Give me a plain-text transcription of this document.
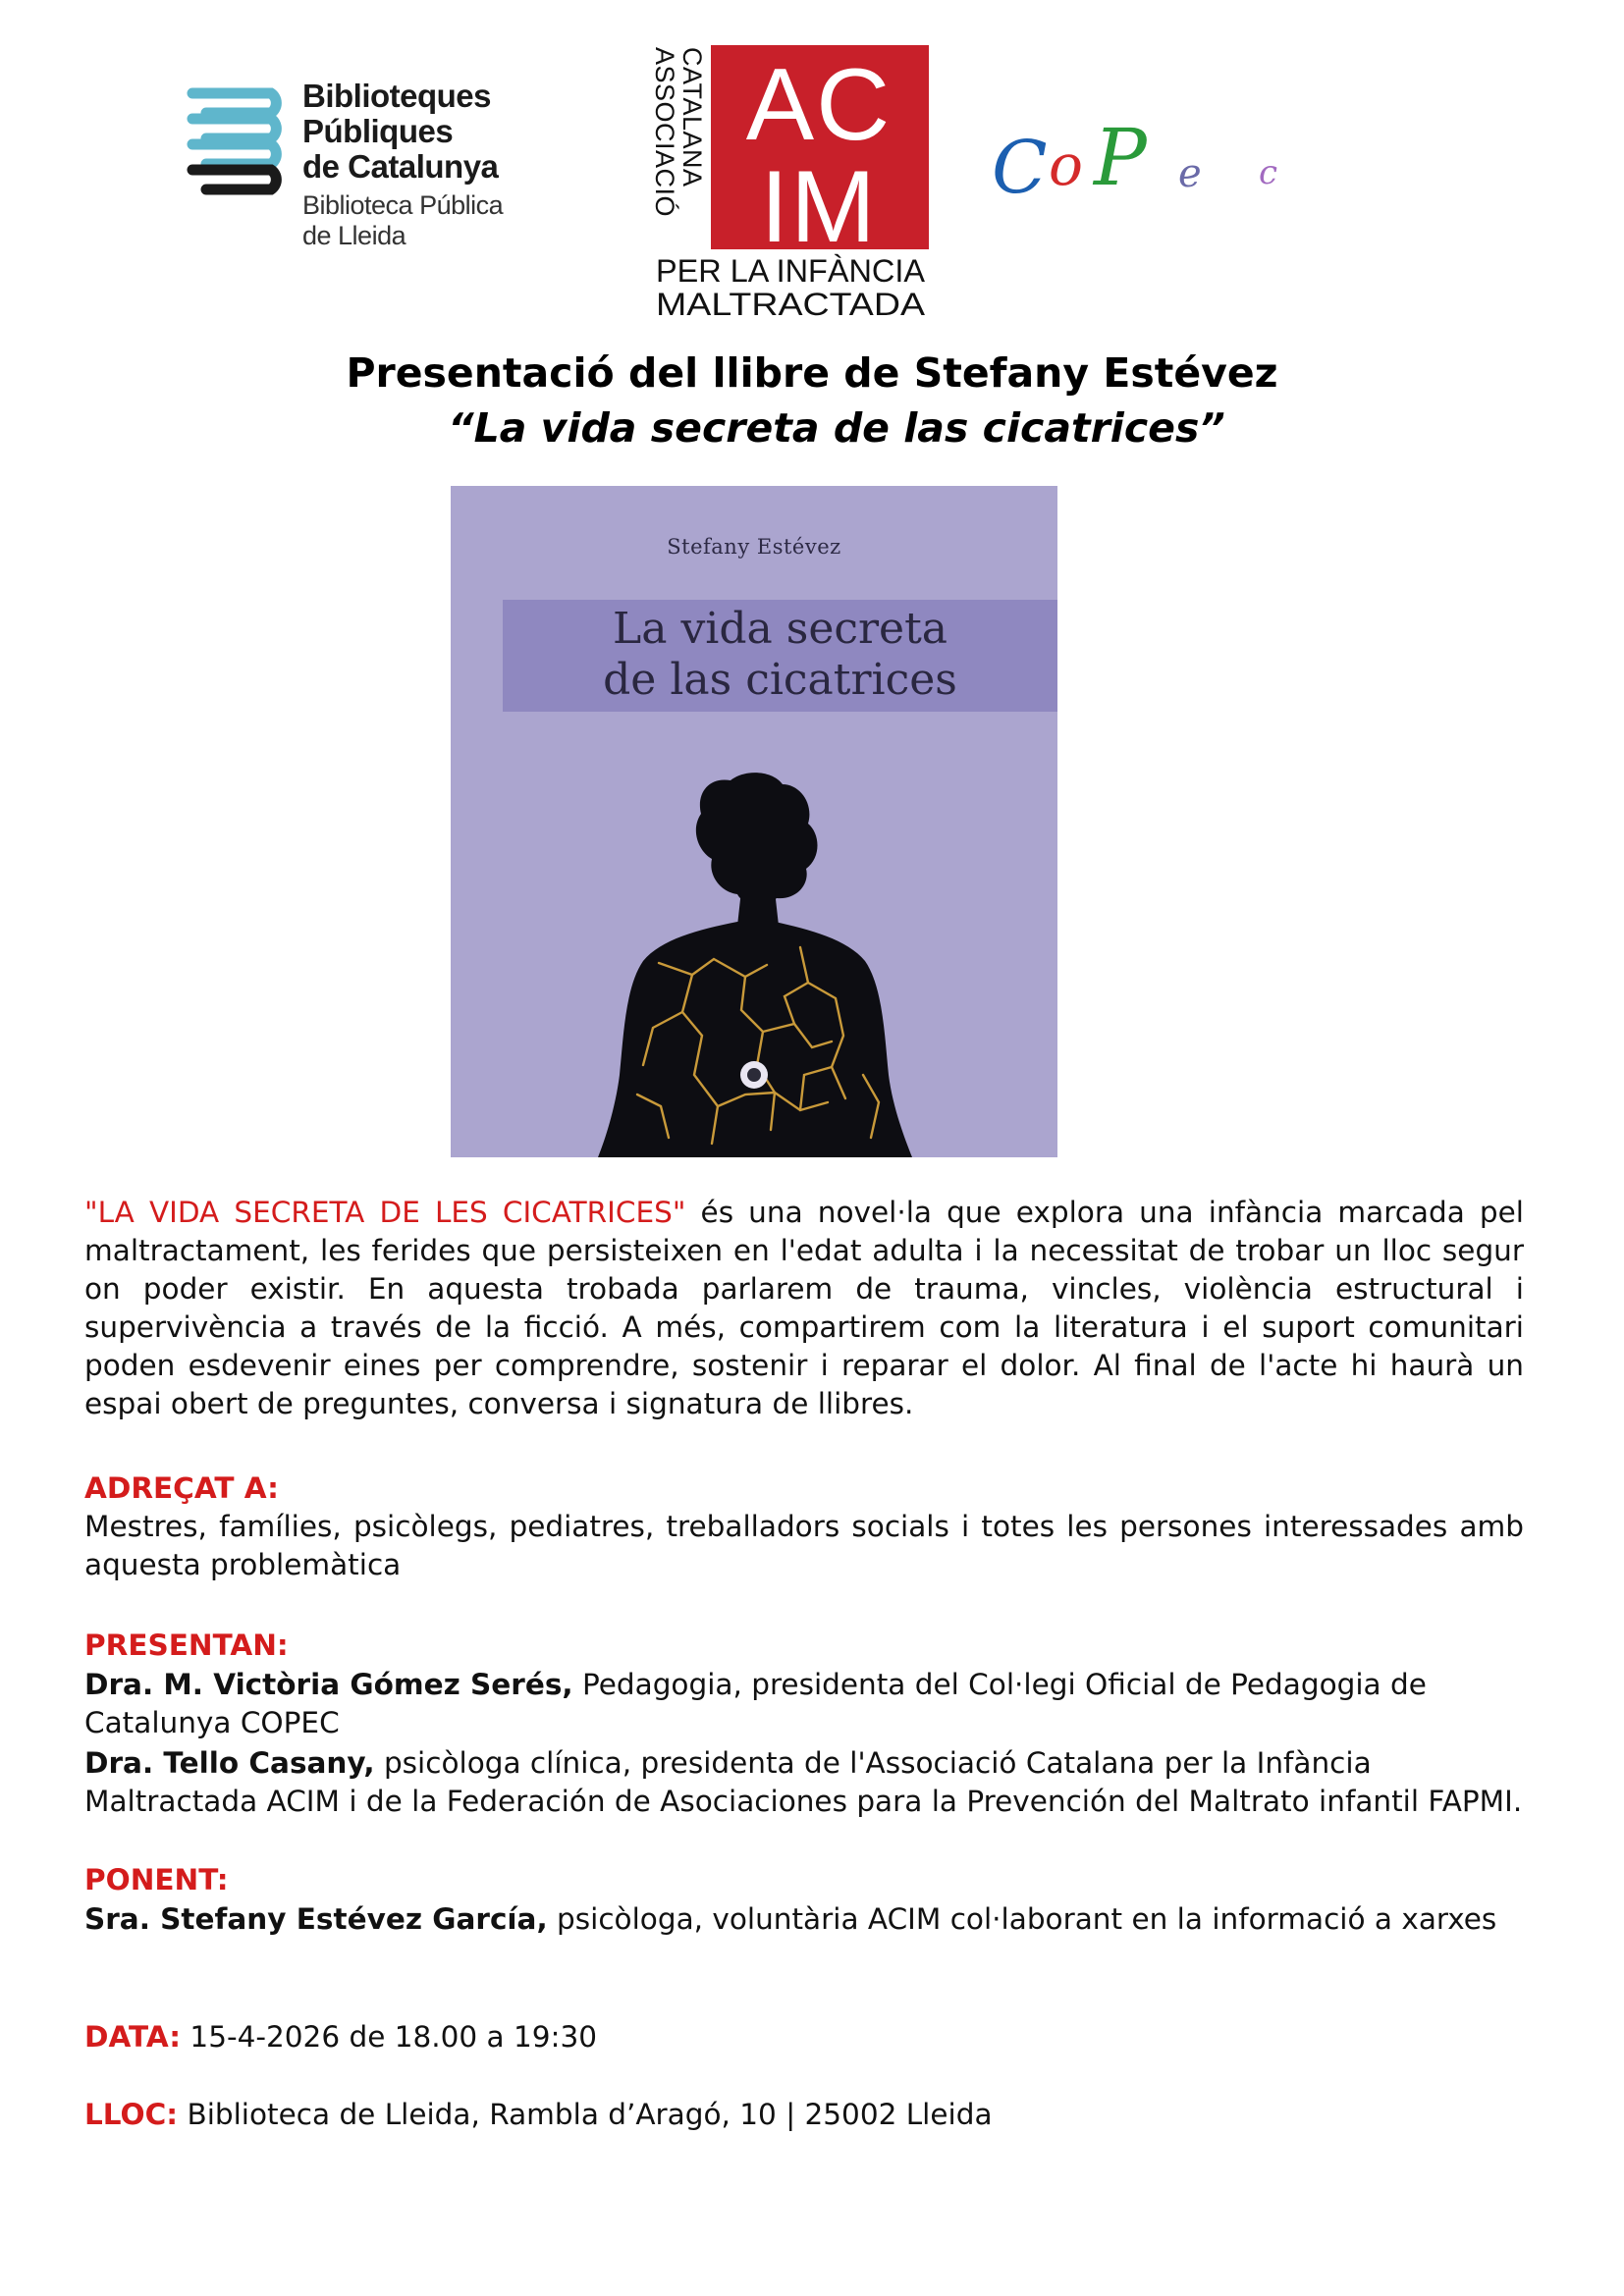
Biblioteques
Públiques
de Catalunya
Biblioteca Pública
de Lleida
ASSOCIACIÓ
CATALANA AC
IM
PER LA INFÀNCIA
MALTRACTADA
C o P e c
Presentació del llibre de Stefany Estévez
“La vida secreta de las cicatrices”
Stefany Estévez
La vida secreta
de las cicatrices
"LA VIDA SECRETA DE LES CICATRICES" és una novel·la que explora una infància marcada pel maltractament, les ferides que persisteixen en l'edat adulta i la necessitat de trobar un lloc segur on poder existir. En aquesta trobada parlarem de trauma, vincles, violència estructural i supervivència a través de la ficció. A més, compartirem com la literatura i el suport comunitari poden esdevenir eines per comprendre, sostenir i reparar el dolor. Al final de l'acte hi haurà un espai obert de preguntes, conversa i signatura de llibres.
ADREÇAT A:
Mestres, famílies, psicòlegs, pediatres, treballadors socials i totes les persones interessades amb aquesta problemàtica
PRESENTAN:
Dra. M. Victòria Gómez Serés, Pedagogia, presidenta del Col·legi Oficial de Pedagogia de Catalunya COPEC
Dra. Tello Casany, psicòloga clínica, presidenta de l'Associació Catalana per la Infància Maltractada ACIM i de la Federación de Asociaciones para la Prevención del Maltrato infantil FAPMI.
PONENT:
Sra. Stefany Estévez García, psicòloga, voluntària ACIM col·laborant en la informació a xarxes
DATA: 15-4-2026 de 18.00 a 19:30
LLOC: Biblioteca de Lleida, Rambla d’Aragó, 10 | 25002 Lleida
